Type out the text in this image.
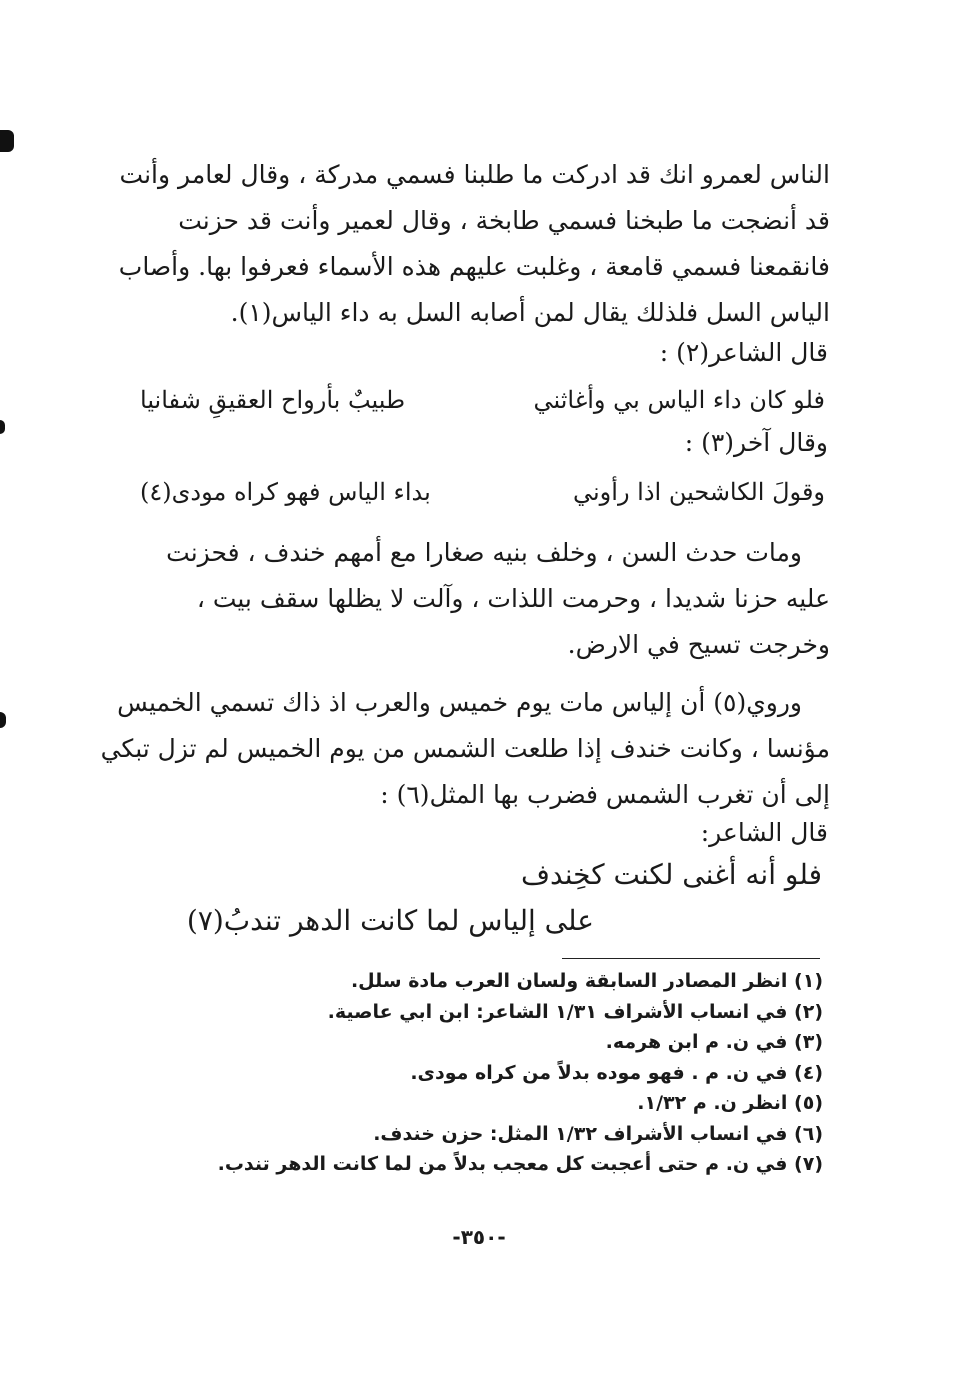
الناس لعمرو انك قد ادركت ما طلبنا فسمي مدركة ، وقال لعامر وأنت
قد أنضجت ما طبخنا فسمي طابخة ، وقال لعمير وأنت قد حزنت
فانقمعنا فسمي قامعة ، وغلبت عليهم هذه الأسماء فعرفوا بها. وأصاب
الياس السل فلذلك يقال لمن أصابه السل به داء الياس(١).
قال الشاعر(٢) :
فلو كان داء الياس بي وأغاثني
طبيبٌ بأرواح العقيقِ شفانيا
وقال آخر(٣) :
وقولَ الكاشحين اذا رأوني
بداء الياس فهو كراه مودى(٤)
ومات حدث السن ، وخلف بنيه صغارا مع أمهم خندف ، فحزنت
عليه حزنا شديدا ، وحرمت اللذات ، وآلت لا يظلها سقف بيت ،
وخرجت تسيح في الارض.
وروي(٥) أن إلياس مات يوم خميس والعرب اذ ذاك تسمي الخميس
مؤنسا ، وكانت خندف إذا طلعت الشمس من يوم الخميس لم تزل تبكي
إلى أن تغرب الشمس فضرب بها المثل(٦) :
قال الشاعر:
فلو أنه أغنى لكنت كخِندف
على إلياس لما كانت الدهر تندبُ(٧)
(١) انظر المصادر السابقة ولسان العرب مادة سلل.
(٢) في انساب الأشراف ١/٣١ الشاعر: ابن ابي عاصية.
(٣) في ن. م ابن هرمه.
(٤) في ن. م . فهو موده بدلاً من كراه مودى.
(٥) انظر ن. م ١/٣٢.
(٦) في انساب الأشراف ١/٣٢ المثل: حزن خندف.
(٧) في ن. م حتى أعجبت كل معجب بدلاً من لما كانت الدهر تندب.
-٣٥٠-
